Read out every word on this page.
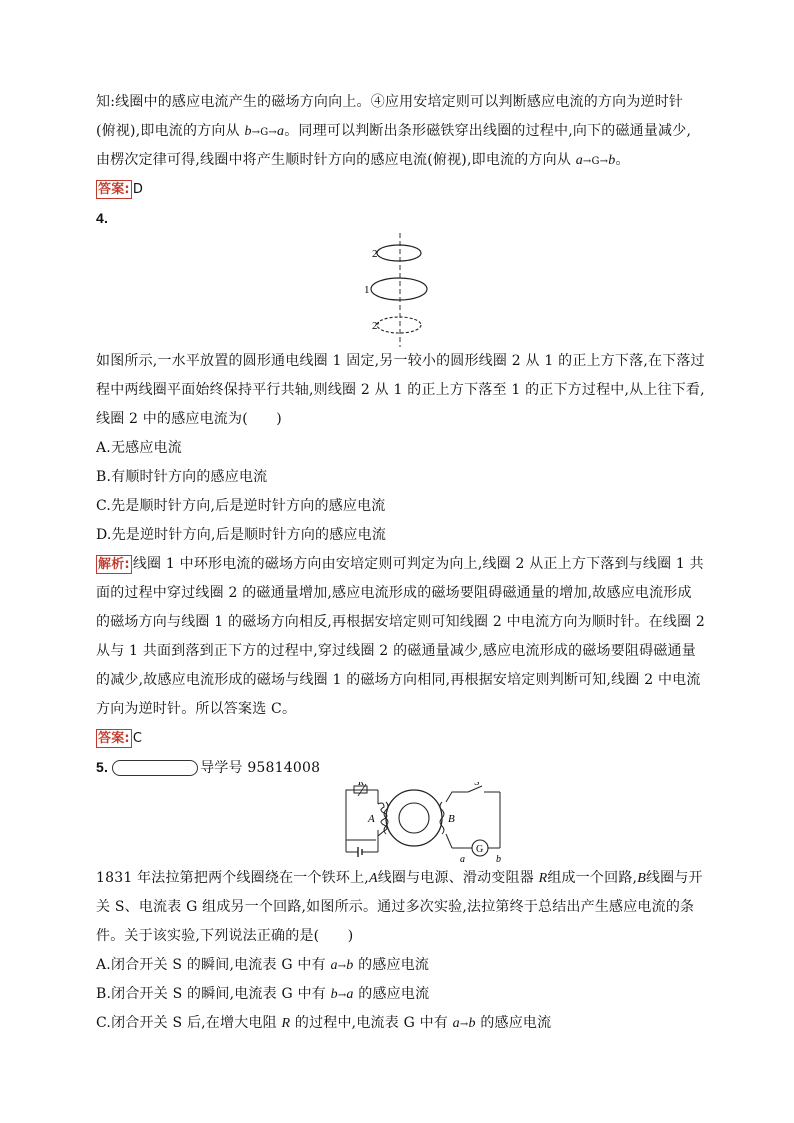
知:线圈中的感应电流产生的磁场方向向上。④应用安培定则可以判断感应电流的方向为逆时针
(俯视),即电流的方向从 b→G→a。同理可以判断出条形磁铁穿出线圈的过程中,向下的磁通量减少,
由楞次定律可得,线圈中将产生顺时针方向的感应电流(俯视),即电流的方向从 a→G→b。
答案: D
4.
2
1
2'
如图所示,一水平放置的圆形通电线圈 1 固定,另一较小的圆形线圈 2 从 1 的正上方下落,在下落过
程中两线圈平面始终保持平行共轴,则线圈 2 从 1 的正上方下落至 1 的正下方过程中,从上往下看,
线圈 2 中的感应电流为(　　)
A.无感应电流
B.有顺时针方向的感应电流
C.先是顺时针方向,后是逆时针方向的感应电流
D.先是逆时针方向,后是顺时针方向的感应电流
解析: 线圈 1 中环形电流的磁场方向由安培定则可判定为向上,线圈 2 从正上方下落到与线圈 1 共
面的过程中穿过线圈 2 的磁通量增加,感应电流形成的磁场要阻碍磁通量的增加,故感应电流形成
的磁场方向与线圈 1 的磁场方向相反,再根据安培定则可知线圈 2 中电流方向为顺时针。在线圈 2
从与 1 共面到落到正下方的过程中,穿过线圈 2 的磁通量减少,感应电流形成的磁场要阻碍磁通量
的减少,故感应电流形成的磁场与线圈 1 的磁场方向相同,再根据安培定则判断可知,线圈 2 中电流
方向为逆时针。所以答案选 C。
答案: C
5.	导学号 95814008
G
R	S
A	B
a	b
1831 年法拉第把两个线圈绕在一个铁环上,A线圈与电源、滑动变阻器 R组成一个回路,B线圈与开
关 S、电流表 G 组成另一个回路,如图所示。通过多次实验,法拉第终于总结出产生感应电流的条
件。关于该实验,下列说法正确的是(　　)
A.闭合开关 S 的瞬间,电流表 G 中有 a→b 的感应电流
B.闭合开关 S 的瞬间,电流表 G 中有 b→a 的感应电流
C.闭合开关 S 后,在增大电阻 R 的过程中,电流表 G 中有 a→b 的感应电流
